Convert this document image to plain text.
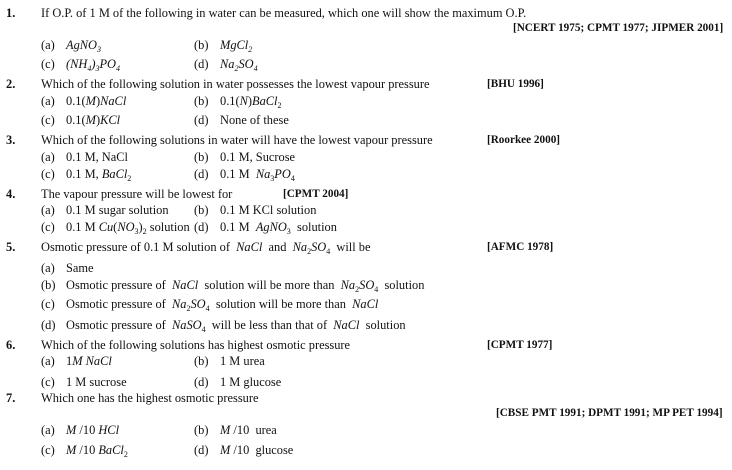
1. If O.P. of 1 M of the following in water can be measured, which one will show the maximum O.P.
[NCERT 1975; CPMT 1977; JIPMER 2001]
(a) AgNO$_3$	(b) MgCl$_2$
(c) $(NH_4)_3PO_4$	(d) $Na_2SO_4$
2. Which of the following solution in water possesses the lowest vapour pressure	[BHU 1996]
(a) 0.1(M)NaCl	(b) 0.1(N)BaCl$_2$
(c) 0.1(M)KCl	(d) None of these
3. Which of the following solutions in water will have the lowest vapour pressure	[Roorkee 2000]
(a) 0.1 M, NaCl	(b) 0.1 M, Sucrose
(c) 0.1 M, BaCl$_2$	(d) 0.1 M  $Na_3PO_4$
4. The vapour pressure will be lowest for	[CPMT 2004]
(a) 0.1 M sugar solution (b) 0.1 M KCl solution
(c) 0.1 M $Cu(NO_3)_2$ solution (d) 0.1 M  AgNO$_3$  solution
5. Osmotic pressure of 0.1 M solution of  NaCl  and  $Na_2SO_4$  will be	[AFMC 1978]
(a) Same
(b) Osmotic pressure of  NaCl  solution will be more than  $Na_2SO_4$  solution
(c) Osmotic pressure of  $Na_2SO_4$  solution will be more than  NaCl
(d) Osmotic pressure of  NaSO$_4$  will be less than that of  NaCl  solution
6. Which of the following solutions has highest osmotic pressure	[CPMT 1977]
(a) 1M NaCl	(b) 1 M urea
(c) 1 M sucrose	(d) 1 M glucose
7. Which one has the highest osmotic pressure
[CBSE PMT 1991; DPMT 1991; MP PET 1994]
(a) M /10 HCl	(b) M /10  urea
(c) M /10 BaCl$_2$	(d) M /10  glucose
